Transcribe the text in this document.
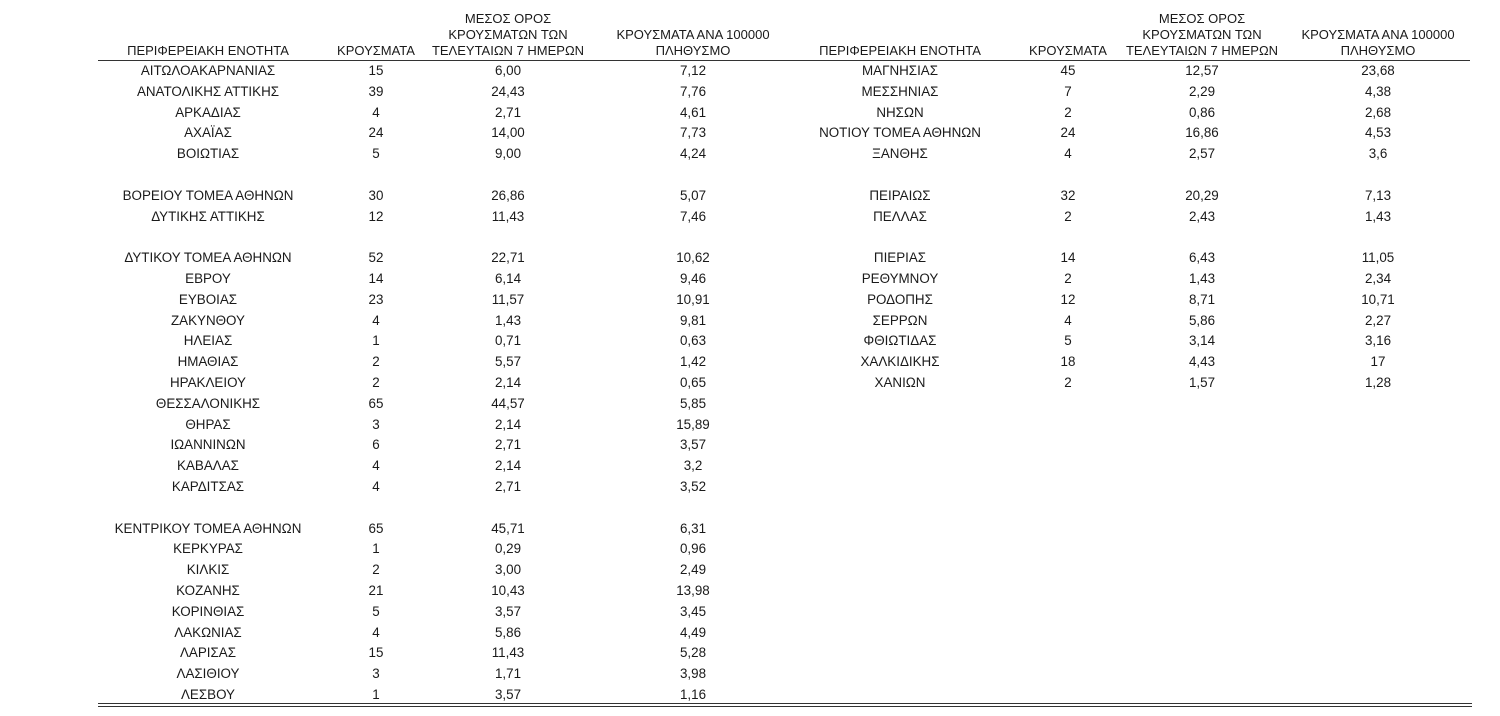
ΠΕΡΙΦΕΡΕΙΑΚΗ ΕΝΟΤΗΤΑ	ΚΡΟΥΣΜΑΤΑ
ΜΕΣΟΣ ΟΡΟΣ
ΚΡΟΥΣΜΑΤΩΝ ΤΩΝ
ΤΕΛΕΥΤΑΙΩΝ 7 ΗΜΕΡΩΝ
ΚΡΟΥΣΜΑΤΑ ΑΝΑ 100000
ΠΛΗΘΥΣΜΟ
ΑΙΤΩΛΟΑΚΑΡΝΑΝΙΑΣ	15	6,00	7,12
ΑΝΑΤΟΛΙΚΗΣ ΑΤΤΙΚΗΣ	39	24,43	7,76
ΑΡΚΑΔΙΑΣ	4	2,71	4,61
ΑΧΑΪΑΣ	24	14,00	7,73
ΒΟΙΩΤΙΑΣ	5	9,00	4,24
ΒΟΡΕΙΟΥ ΤΟΜΕΑ ΑΘΗΝΩΝ	30	26,86	5,07
ΔΥΤΙΚΗΣ ΑΤΤΙΚΗΣ	12	11,43	7,46
ΔΥΤΙΚΟΥ ΤΟΜΕΑ ΑΘΗΝΩΝ	52	22,71	10,62
ΕΒΡΟΥ	14	6,14	9,46
ΕΥΒΟΙΑΣ	23	11,57	10,91
ΖΑΚΥΝΘΟΥ	4	1,43	9,81
ΗΛΕΙΑΣ	1	0,71	0,63
ΗΜΑΘΙΑΣ	2	5,57	1,42
ΗΡΑΚΛΕΙΟΥ	2	2,14	0,65
ΘΕΣΣΑΛΟΝΙΚΗΣ	65	44,57	5,85
ΘΗΡΑΣ	3	2,14	15,89
ΙΩΑΝΝΙΝΩΝ	6	2,71	3,57
ΚΑΒΑΛΑΣ	4	2,14	3,2
ΚΑΡΔΙΤΣΑΣ	4	2,71	3,52
ΚΕΝΤΡΙΚΟΥ ΤΟΜΕΑ ΑΘΗΝΩΝ	65	45,71	6,31
ΚΕΡΚΥΡΑΣ	1	0,29	0,96
ΚΙΛΚΙΣ	2	3,00	2,49
ΚΟΖΑΝΗΣ	21	10,43	13,98
ΚΟΡΙΝΘΙΑΣ	5	3,57	3,45
ΛΑΚΩΝΙΑΣ	4	5,86	4,49
ΛΑΡΙΣΑΣ	15	11,43	5,28
ΛΑΣΙΘΙΟΥ	3	1,71	3,98
ΛΕΣΒΟΥ	1	3,57	1,16
ΠΕΡΙΦΕΡΕΙΑΚΗ ΕΝΟΤΗΤΑ	ΚΡΟΥΣΜΑΤΑ
ΜΕΣΟΣ ΟΡΟΣ
ΚΡΟΥΣΜΑΤΩΝ ΤΩΝ
ΤΕΛΕΥΤΑΙΩΝ 7 ΗΜΕΡΩΝ
ΚΡΟΥΣΜΑΤΑ ΑΝΑ 100000
ΠΛΗΘΥΣΜΟ
ΜΑΓΝΗΣΙΑΣ	45	12,57	23,68
ΜΕΣΣΗΝΙΑΣ	7	2,29	4,38
ΝΗΣΩΝ	2	0,86	2,68
ΝΟΤΙΟΥ ΤΟΜΕΑ ΑΘΗΝΩΝ	24	16,86	4,53
ΞΑΝΘΗΣ	4	2,57	3,6
ΠΕΙΡΑΙΩΣ	32	20,29	7,13
ΠΕΛΛΑΣ	2	2,43	1,43
ΠΙΕΡΙΑΣ	14	6,43	11,05
ΡΕΘΥΜΝΟΥ	2	1,43	2,34
ΡΟΔΟΠΗΣ	12	8,71	10,71
ΣΕΡΡΩΝ	4	5,86	2,27
ΦΘΙΩΤΙΔΑΣ	5	3,14	3,16
ΧΑΛΚΙΔΙΚΗΣ	18	4,43	17
ΧΑΝΙΩΝ	2	1,57	1,28
